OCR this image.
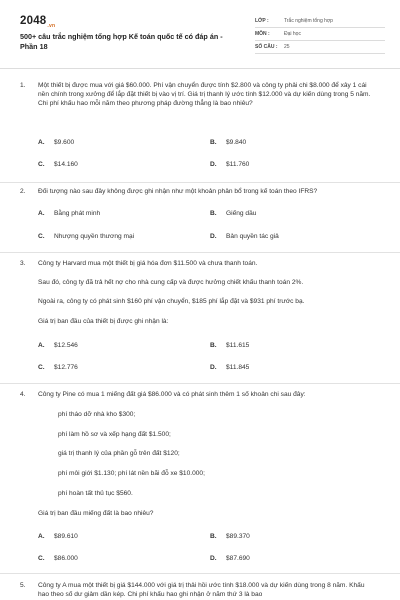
2048.vn
500+ câu trắc nghiệm tổng hợp Kế toán quốc tế có đáp án - Phần 18
LỚP :	Trắc nghiệm tổng hợp
MÔN :	Đại học
SỐ CÂU :	25
1.	Một thiết bị được mua với giá $60.000. Phí vận chuyển được tính $2.800 và công ty phải chi $8.000 để xây 1 cái nền chính trong xưởng để lắp đặt thiết bị vào vị trí. Giá trị thanh lý ước tính $12.000 và dự kiến dùng trong 5 năm. Chi phí khấu hao mỗi năm theo phương pháp đường thẳng là bao nhiêu?
A.	$9.600	B.	$9.840
C.	$14.160	D.	$11.760
2.	Đối tượng nào sau đây không được ghi nhận như một khoản phân bổ trong kế toán theo IFRS?
A.	Bằng phát minh	B.	Giếng dầu
C.	Nhượng quyền thương mại	D.	Bản quyền tác giả
3.	Công ty Harvard mua một thiết bị giá hóa đơn $11.500 và chưa thanh toán.
Sau đó, công ty đã trả hết nợ cho nhà cung cấp và được hưởng chiết khấu thanh toán 2%.
Ngoài ra, công ty có phát sinh $160 phí vận chuyển, $185 phí lắp đặt và $931 phí trước bạ.
Giá trị ban đầu của thiết bị được ghi nhận là:
A.	$12.546	B.	$11.615
C.	$12.776	D.	$11.845
4.	Công ty Pine có mua 1 miếng đất giá $86.000 và có phát sinh thêm 1 số khoản chi sau đây:
phí tháo dỡ nhà kho $300;
phí làm hồ sơ và xếp hạng đất $1.500;
giá trị thanh lý của phần gỗ trên đất $120;
phí môi giới $1.130; phí lát nền bãi đỗ xe $10.000;
phí hoàn tất thủ tục $560.
Giá trị ban đầu miếng đất là bao nhiêu?
A.	$89.610	B.	$89.370
C.	$86.000	D.	$87.690
5.	Công ty A mua một thiết bị giá $144.000 với giá trị thải hồi ước tính $18.000 và dự kiến dùng trong 8 năm. Khấu hao theo số dư giảm dần kép. Chi phí khấu hao ghi nhận ở năm thứ 3 là bao
